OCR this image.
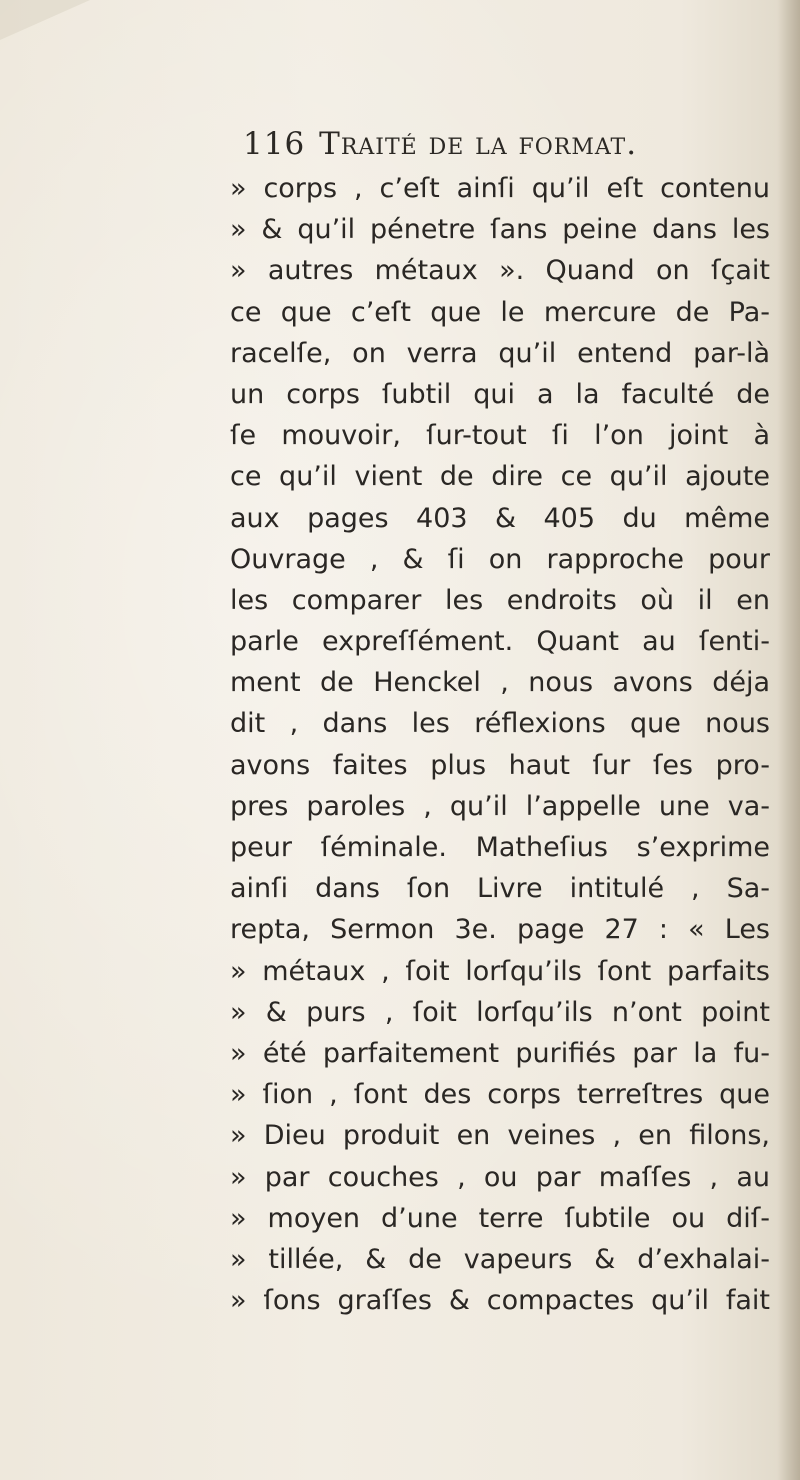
116 Traité de la format.
» corps , c’eſt ainſi qu’il eſt contenu
» & qu’il pénetre ſans peine dans les
» autres métaux ». Quand on ſçait
ce que c’eſt que le mercure de Pa-
racelſe, on verra qu’il entend par-là
un corps ſubtil qui a la faculté de
ſe mouvoir, ſur-tout ſi l’on joint à
ce qu’il vient de dire ce qu’il ajoute
aux pages 403 & 405 du même
Ouvrage , & ſi on rapproche pour
les comparer les endroits où il en
parle expreſſément. Quant au ſenti-
ment de Henckel , nous avons déja
dit , dans les réflexions que nous
avons faites plus haut ſur ſes pro-
pres paroles , qu’il l’appelle une va-
peur ſéminale. Matheſius s’exprime
ainſi dans ſon Livre intitulé , Sa-
repta, Sermon 3e. page 27 : « Les
» métaux , ſoit lorſqu’ils ſont parfaits
» & purs , ſoit lorſqu’ils n’ont point
» été parfaitement purifiés par la fu-
» ſion , ſont des corps terreſtres que
» Dieu produit en veines , en filons,
» par couches , ou par maſſes , au
» moyen d’une terre ſubtile ou diſ-
» tillée, & de vapeurs & d’exhalai-
» ſons graſſes & compactes qu’il fait
